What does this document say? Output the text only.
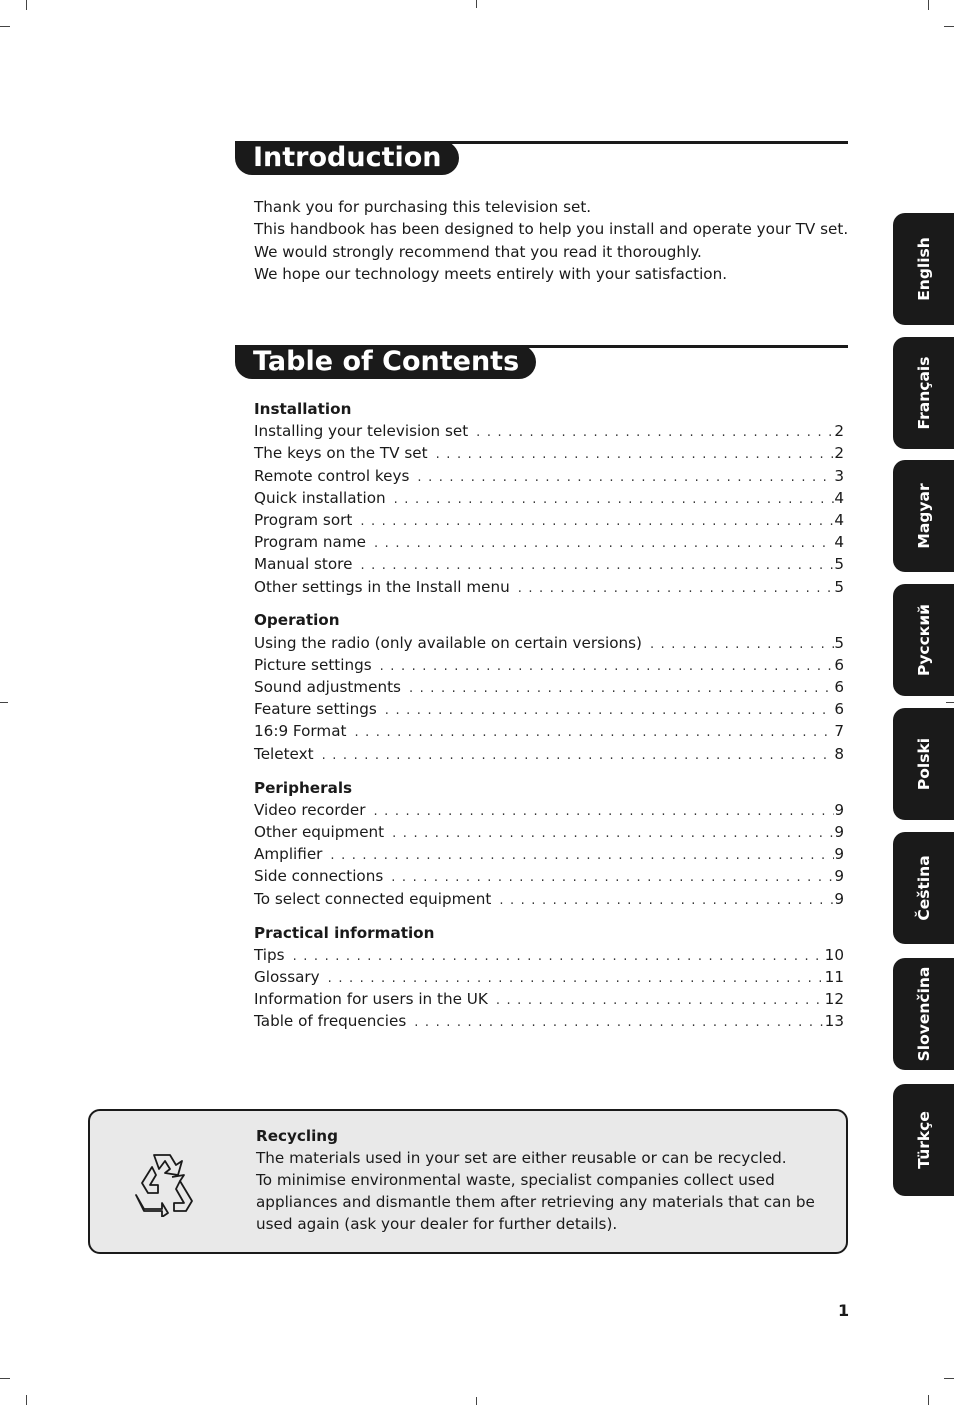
Introduction

Thank you for purchasing this television set.

This handbook has been designed to help you install and operate your TV set.

We would strongly recommend that you read it thoroughly.

We hope our technology meets entirely with your satisfaction.

Table of Contents
Installation
Installing your television set . . .	2
The keys on the TV set . . .	2
Remote control keys . . .	3
Quick installation . . .	4
Program sort . . .	4
Program name . . .	4
Manual store . . .	5
Other settings in the Install menu . . .	5
Operation
Using the radio (only available on certain versions) . . .	5
Picture settings . . .	6
Sound adjustments . . .	6
Feature settings . . .	6
16:9 Format . . .	7
Teletext . . .	8
Peripherals
Video recorder . . .	9
Other equipment . . .	9
Amplifier . . .	9
Side connections . . .	9
To select connected equipment . . .	9
Practical information
Tips . . .	10
Glossary . . .	11
Information for users in the UK . . .	12
Table of frequencies . . .	13
Recycling

The materials used in your set are either reusable or can be recycled.

To minimise environmental waste, specialist companies collect used appliances and dismantle them after retrieving any materials that can be used again (ask your dealer for further details).

English
Français
Magyar
Русский
Polski
Čeština
Slovenčina
Türkçe
1
